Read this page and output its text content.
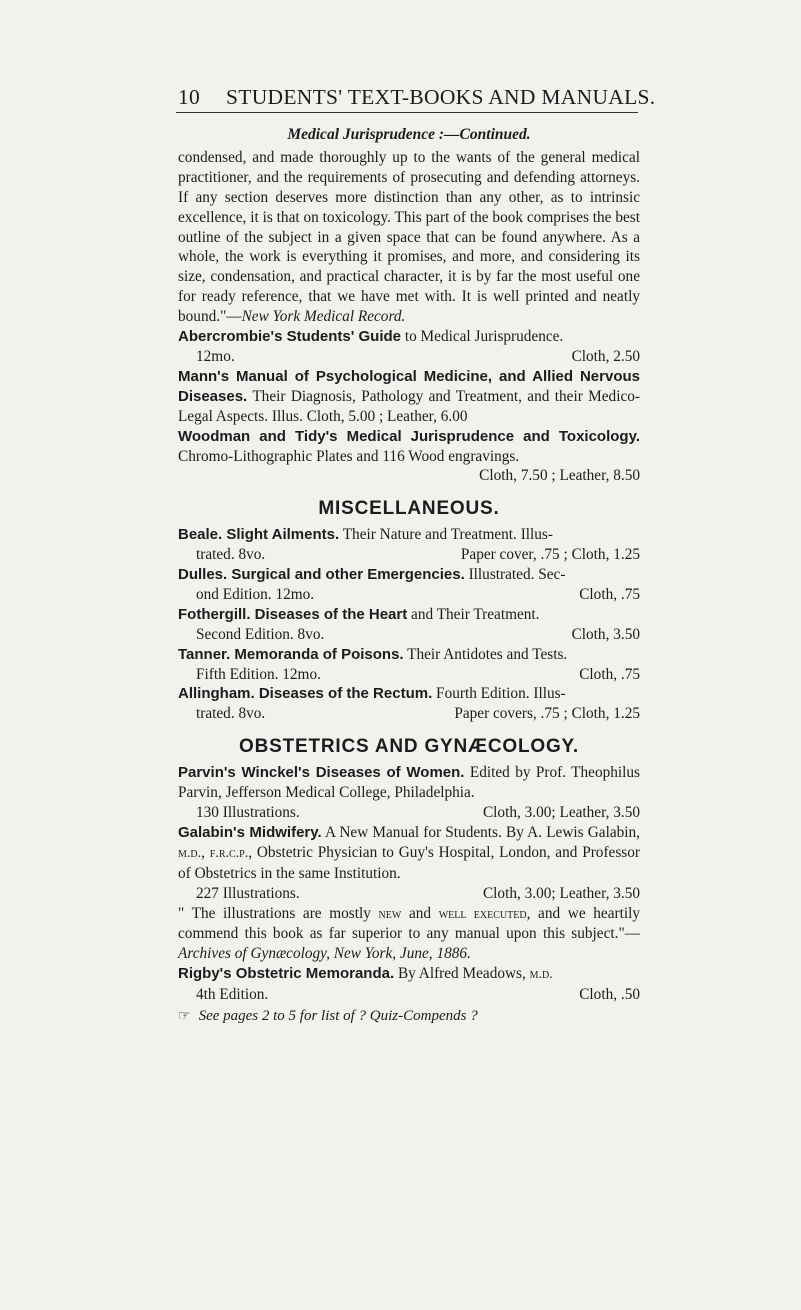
10 STUDENTS' TEXT-BOOKS AND MANUALS.
Medical Jurisprudence :—Continued.

condensed, and made thoroughly up to the wants of the general medical practitioner, and the requirements of prosecuting and defending attorneys. If any section deserves more distinction than any other, as to intrinsic excellence, it is that on toxicology. This part of the book comprises the best outline of the subject in a given space that can be found anywhere. As a whole, the work is everything it promises, and more, and considering its size, condensation, and practical character, it is by far the most useful one for ready reference, that we have met with. It is well printed and neatly bound."—New York Medical Record.

Abercrombie's Students' Guide to Medical Jurisprudence.
12mo.	Cloth, 2.50
Mann's Manual of Psychological Medicine, and Allied Nervous Diseases. Their Diagnosis, Pathology and Treatment, and their Medico-Legal Aspects. Illus. Cloth, 5.00 ; Leather, 6.00
Woodman and Tidy's Medical Jurisprudence and Toxicology. Chromo-Lithographic Plates and 116 Wood engravings.
Cloth, 7.50 ; Leather, 8.50
MISCELLANEOUS.
Beale. Slight Ailments. Their Nature and Treatment. Illus-
trated. 8vo.	Paper cover, .75 ; Cloth, 1.25
Dulles. Surgical and other Emergencies. Illustrated. Sec-
ond Edition. 12mo.	Cloth, .75
Fothergill. Diseases of the Heart and Their Treatment.
Second Edition. 8vo.	Cloth, 3.50
Tanner. Memoranda of Poisons. Their Antidotes and Tests.
Fifth Edition. 12mo.	Cloth, .75
Allingham. Diseases of the Rectum. Fourth Edition. Illus-
trated. 8vo.	Paper covers, .75 ; Cloth, 1.25
OBSTETRICS AND GYNÆCOLOGY.
Parvin's Winckel's Diseases of Women. Edited by Prof. Theophilus Parvin, Jefferson Medical College, Philadelphia.
130 Illustrations.	Cloth, 3.00; Leather, 3.50
Galabin's Midwifery. A New Manual for Students. By A. Lewis Galabin, m.d., f.r.c.p., Obstetric Physician to Guy's Hospital, London, and Professor of Obstetrics in the same Institution.
227 Illustrations.	Cloth, 3.00; Leather, 3.50

" The illustrations are mostly new and well executed, and we heartily commend this book as far superior to any manual upon this subject."—Archives of Gynæcology, New York, June, 1886.

Rigby's Obstetric Memoranda. By Alfred Meadows, m.d.
4th Edition.	Cloth, .50
☞ See pages 2 to 5 for list of ? Quiz-Compends ?
